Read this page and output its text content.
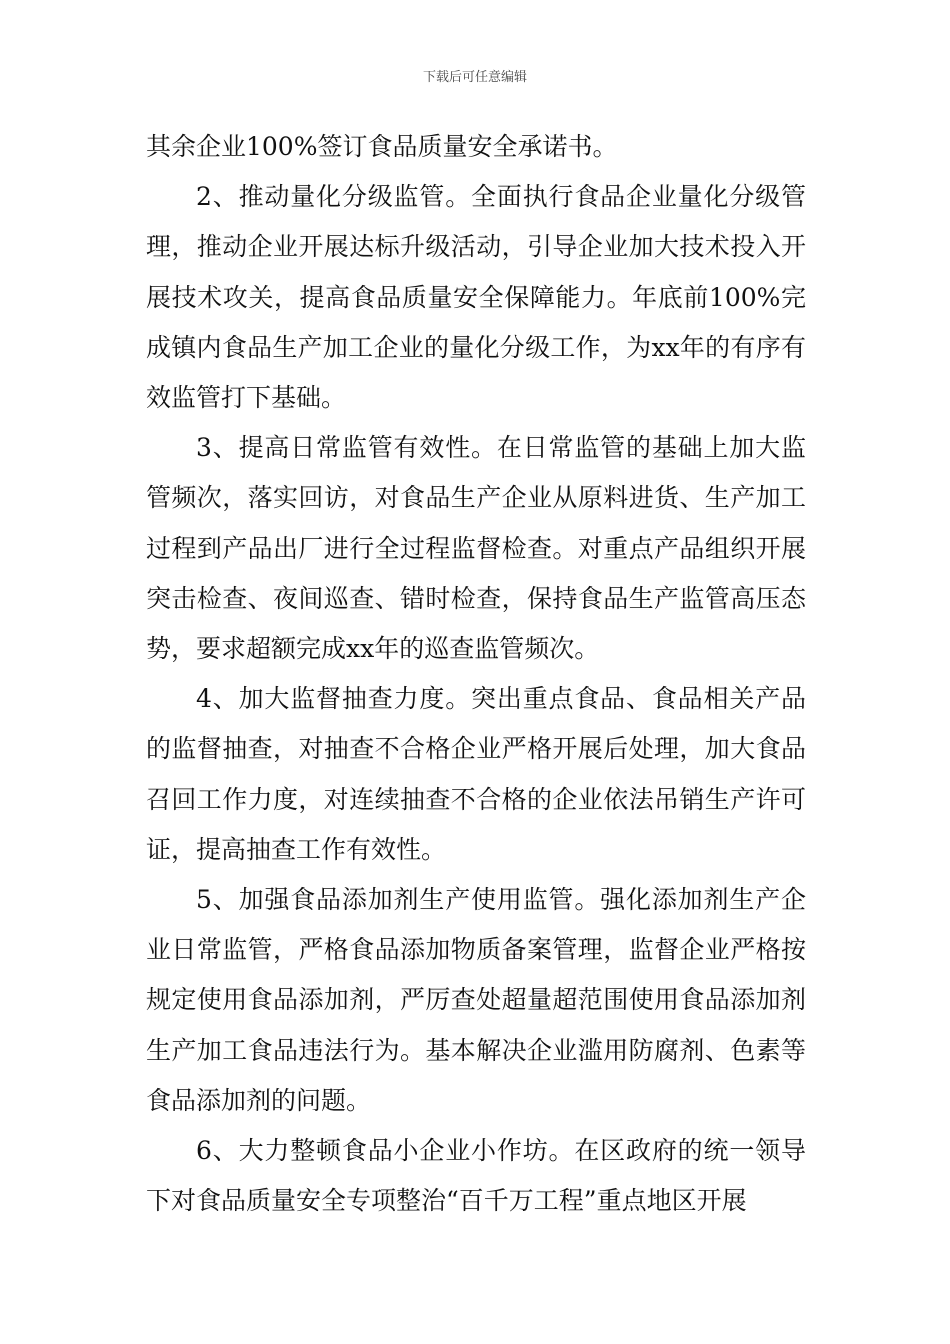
下载后可任意编辑

其余企业100%签订食品质量安全承诺书。

2、推动量化分级监管。全面执行食品企业量化分级管理，推动企业开展达标升级活动，引导企业加大技术投入开展技术攻关，提高食品质量安全保障能力。年底前100%完成镇内食品生产加工企业的量化分级工作，为xx年的有序有效监管打下基础。

3、提高日常监管有效性。在日常监管的基础上加大监管频次，落实回访，对食品生产企业从原料进货、生产加工过程到产品出厂进行全过程监督检查。对重点产品组织开展突击检查、夜间巡查、错时检查，保持食品生产监管高压态势，要求超额完成xx年的巡查监管频次。

4、加大监督抽查力度。突出重点食品、食品相关产品的监督抽查，对抽查不合格企业严格开展后处理，加大食品召回工作力度，对连续抽查不合格的企业依法吊销生产许可证，提高抽查工作有效性。

5、加强食品添加剂生产使用监管。强化添加剂生产企业日常监管，严格食品添加物质备案管理，监督企业严格按规定使用食品添加剂，严厉查处超量超范围使用食品添加剂生产加工食品违法行为。基本解决企业滥用防腐剂、色素等食品添加剂的问题。

6、大力整顿食品小企业小作坊。在区政府的统一领导下对食品质量安全专项整治“百千万工程”重点地区开展
